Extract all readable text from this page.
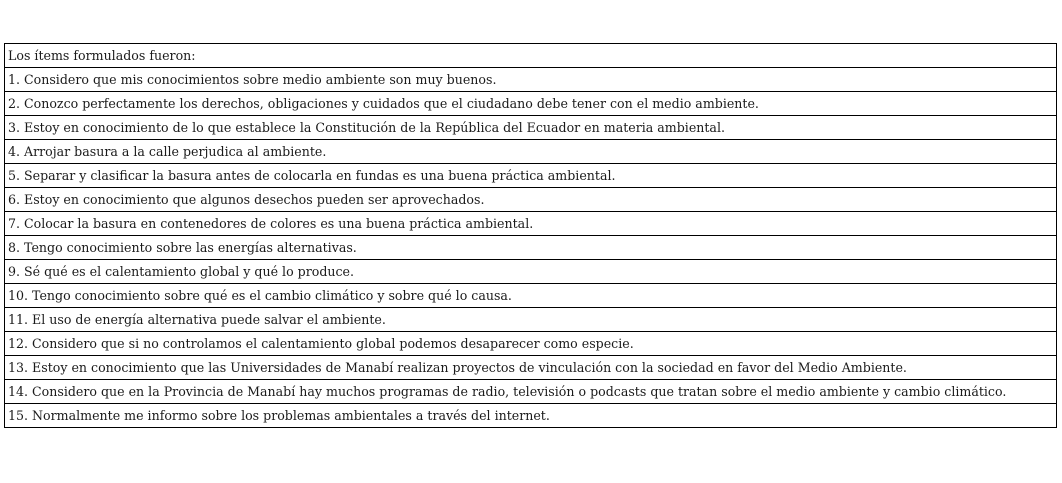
Los ítems formulados fueron:
1. Considero que mis conocimientos sobre medio ambiente son muy buenos.
2. Conozco perfectamente los derechos, obligaciones y cuidados que el ciudadano debe tener con el medio ambiente.
3. Estoy en conocimiento de lo que establece la Constitución de la República del Ecuador en materia ambiental.
4. Arrojar basura a la calle perjudica al ambiente.
5. Separar y clasificar la basura antes de colocarla en fundas es una buena práctica ambiental.
6. Estoy en conocimiento que algunos desechos pueden ser aprovechados.
7. Colocar la basura en contenedores de colores es una buena práctica ambiental.
8. Tengo conocimiento sobre las energías alternativas.
9. Sé qué es el calentamiento global y qué lo produce.
10. Tengo conocimiento sobre qué es el cambio climático y sobre qué lo causa.
11. El uso de energía alternativa puede salvar el ambiente.
12. Considero que si no controlamos el calentamiento global podemos desaparecer como especie.
13. Estoy en conocimiento que las Universidades de Manabí realizan proyectos de vinculación con la sociedad en favor del Medio Ambiente.
14. Considero que en la Provincia de Manabí hay muchos programas de radio, televisión o podcasts que tratan sobre el medio ambiente y cambio climático.
15. Normalmente me informo sobre los problemas ambientales a través del internet.
